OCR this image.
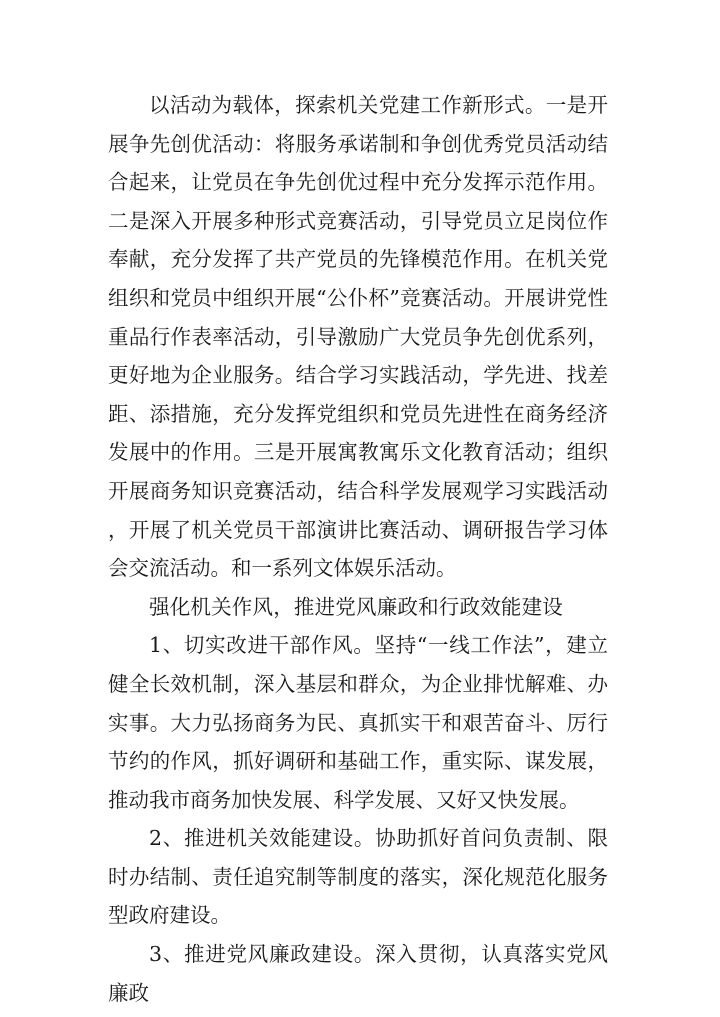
以活动为载体，探索机关党建工作新形式。一是开展争先创优活动：将服务承诺制和争创优秀党员活动结合起来，让党员在争先创优过程中充分发挥示范作用。二是深入开展多种形式竞赛活动，引导党员立足岗位作奉献，充分发挥了共产党员的先锋模范作用。在机关党组织和党员中组织开展“公仆杯”竞赛活动。开展讲党性重品行作表率活动，引导激励广大党员争先创优系列，更好地为企业服务。结合学习实践活动，学先进、找差距、添措施，充分发挥党组织和党员先进性在商务经济发展中的作用。三是开展寓教寓乐文化教育活动；组织开展商务知识竞赛活动，结合科学发展观学习实践活动，开展了机关党员干部演讲比赛活动、调研报告学习体会交流活动。和一系列文体娱乐活动。

强化机关作风，推进党风廉政和行政效能建设

1、切实改进干部作风。坚持“一线工作法”，建立健全长效机制，深入基层和群众，为企业排忧解难、办实事。大力弘扬商务为民、真抓实干和艰苦奋斗、厉行节约的作风，抓好调研和基础工作，重实际、谋发展，推动我市商务加快发展、科学发展、又好又快发展。

2、推进机关效能建设。协助抓好首问负责制、限时办结制、责任追究制等制度的落实，深化规范化服务型政府建设。

3、推进党风廉政建设。深入贯彻，认真落实党风廉政
